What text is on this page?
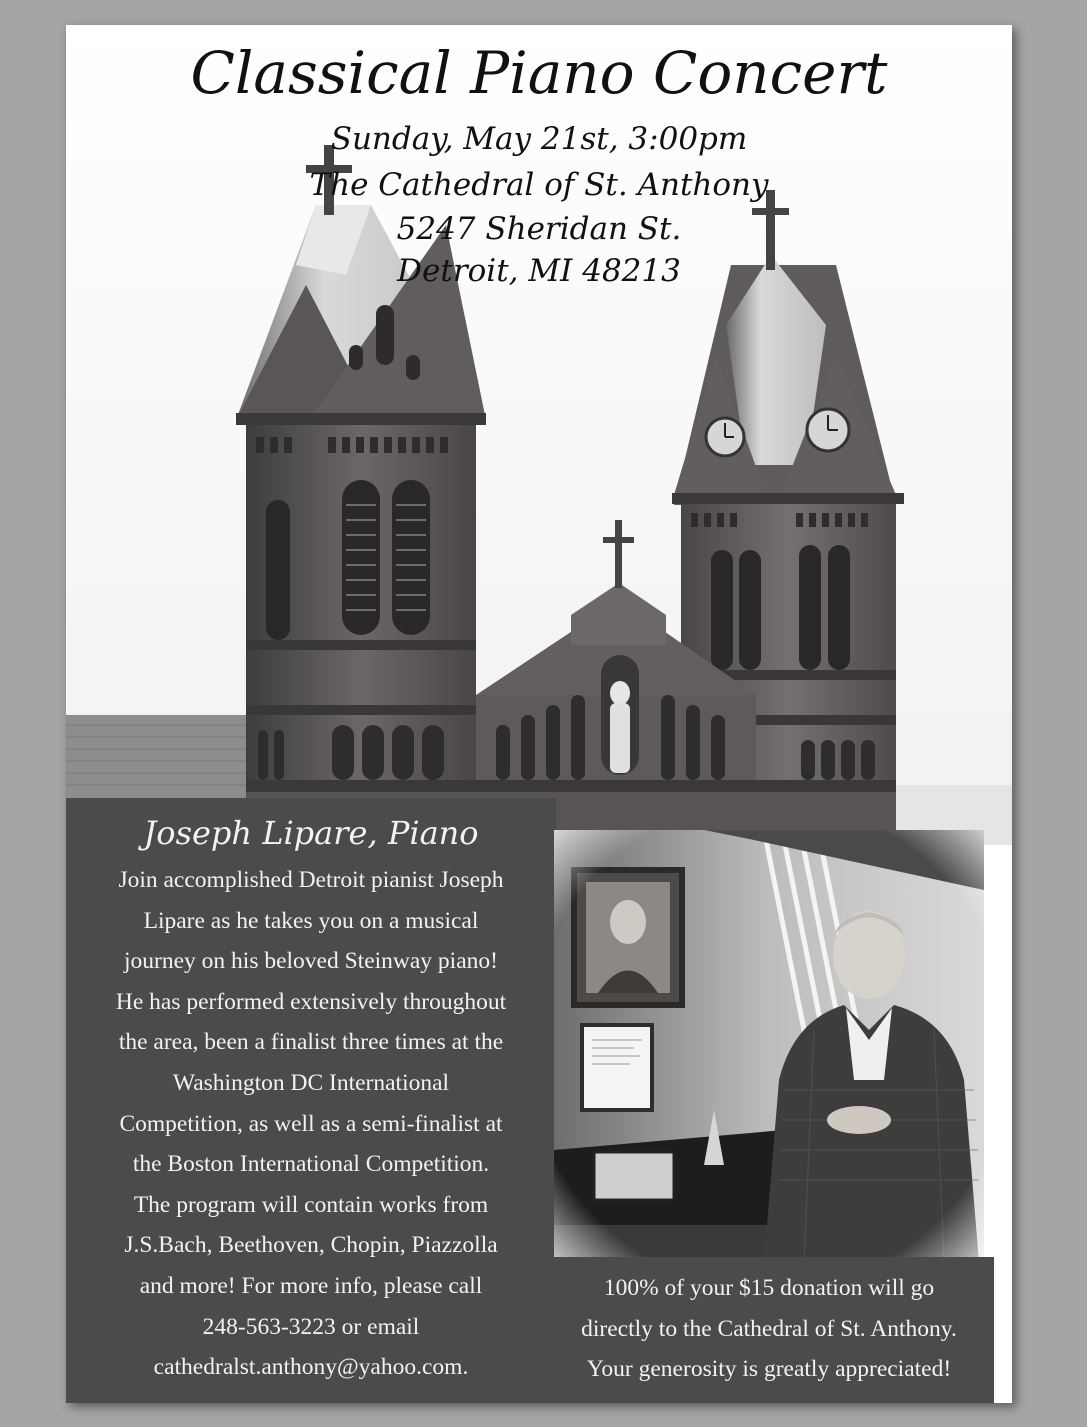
Classical Piano Concert
Sunday, May 21st, 3:00pm
The Cathedral of St. Anthony
5247 Sheridan St.
Detroit, MI 48213
Joseph Lipare, Piano
Join accomplished Detroit pianist Joseph
Lipare as he takes you on a musical
journey on his beloved Steinway piano!
He has performed extensively throughout
the area, been a finalist three times at the
Washington DC International
Competition, as well as a semi-finalist at
the Boston International Competition.
The program will contain works from
J.S.Bach, Beethoven, Chopin, Piazzolla
and more! For more info, please call
248-563-3223 or email
cathedralst.anthony@yahoo.com.
100% of your $15 donation will go
directly to the Cathedral of St. Anthony.
Your generosity is greatly appreciated!
